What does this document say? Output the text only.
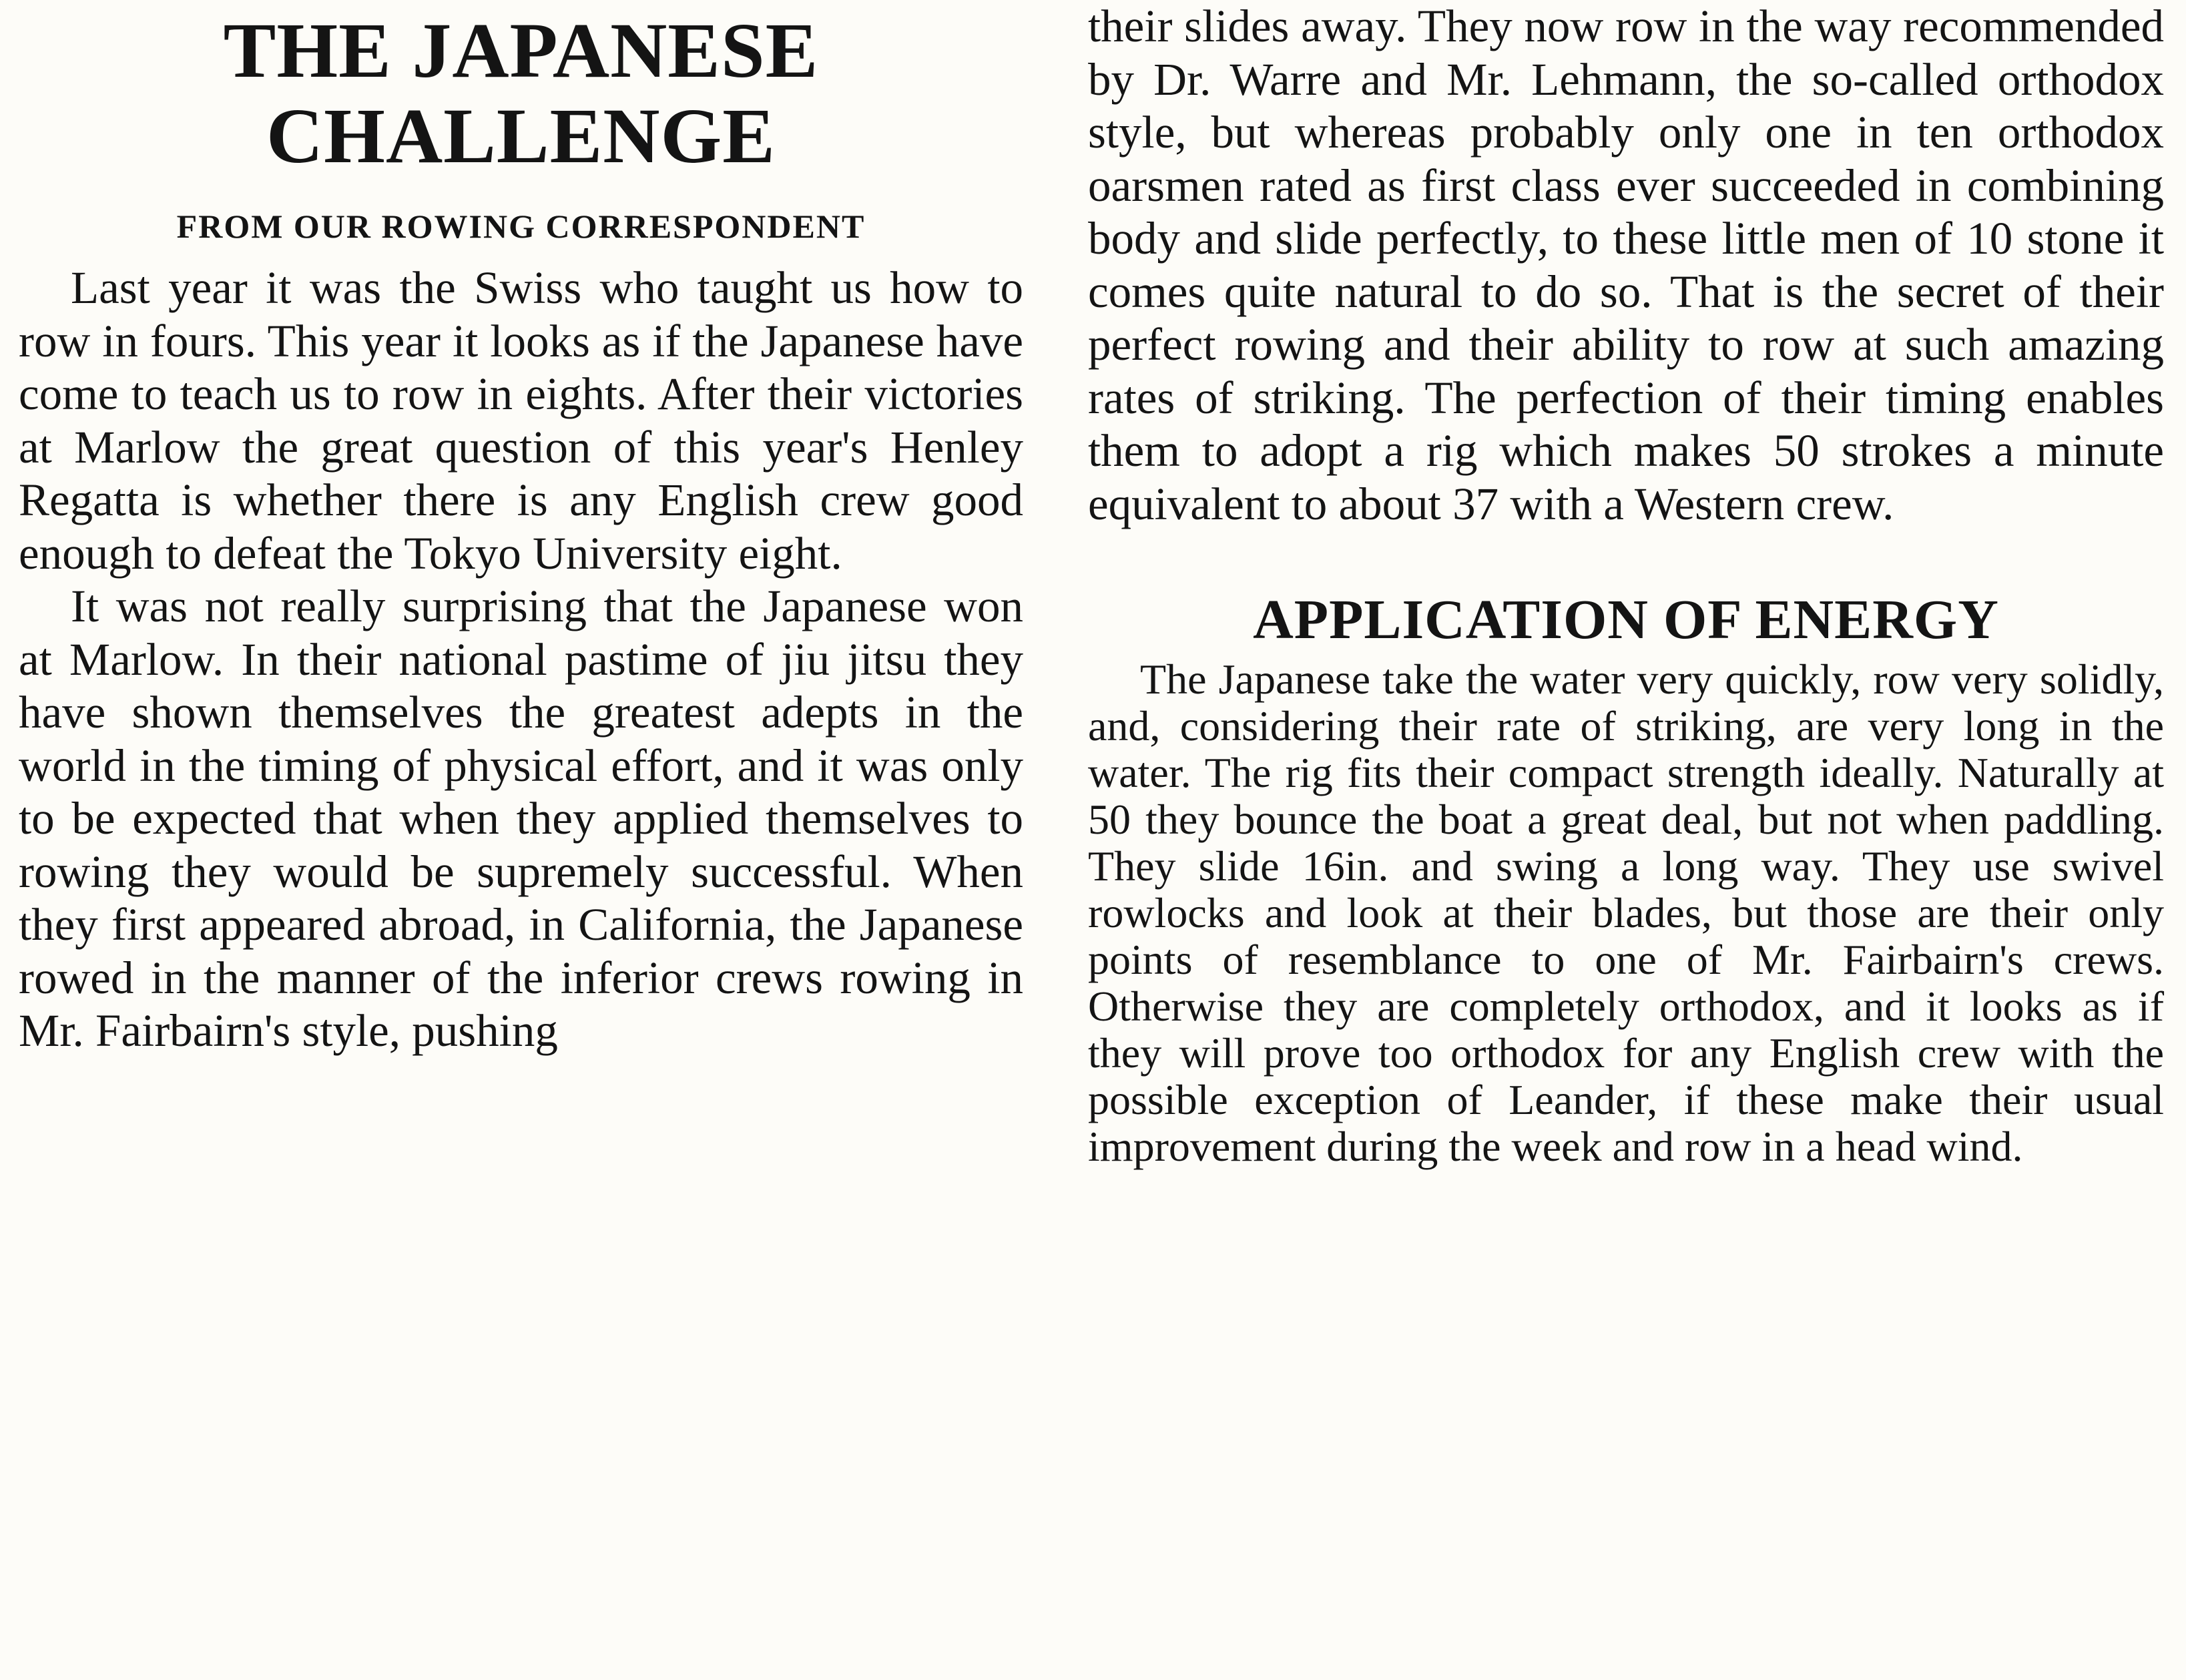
THE JAPANESE
CHALLENGE
FROM OUR ROWING CORRESPONDENT

Last year it was the Swiss who taught us how to row in fours. This year it looks as if the Japanese have come to teach us to row in eights. After their victories at Marlow the great question of this year's Henley Regatta is whether there is any English crew good enough to defeat the Tokyo University eight.

It was not really surprising that the Japanese won at Marlow. In their national pastime of jiu jitsu they have shown themselves the greatest adepts in the world in the timing of physical effort, and it was only to be expected that when they applied themselves to rowing they would be supremely successful. When they first appeared abroad, in California, the Japanese rowed in the manner of the inferior crews rowing in Mr. Fairbairn's style, pushing

their slides away. They now row in the way recommended by Dr. Warre and Mr. Lehmann, the so-called orthodox style, but whereas probably only one in ten orthodox oarsmen rated as first class ever succeeded in combining body and slide perfectly, to these little men of 10 stone it comes quite natural to do so. That is the secret of their perfect rowing and their ability to row at such amazing rates of striking. The perfection of their timing enables them to adopt a rig which makes 50 strokes a minute equivalent to about 37 with a Western crew.

APPLICATION OF ENERGY

The Japanese take the water very quickly, row very solidly, and, considering their rate of striking, are very long in the water. The rig fits their compact strength ideally. Naturally at 50 they bounce the boat a great deal, but not when paddling. They slide 16in. and swing a long way. They use swivel rowlocks and look at their blades, but those are their only points of resemblance to one of Mr. Fairbairn's crews. Otherwise they are completely orthodox, and it looks as if they will prove too orthodox for any English crew with the possible exception of Leander, if these make their usual improvement during the week and row in a head wind.
